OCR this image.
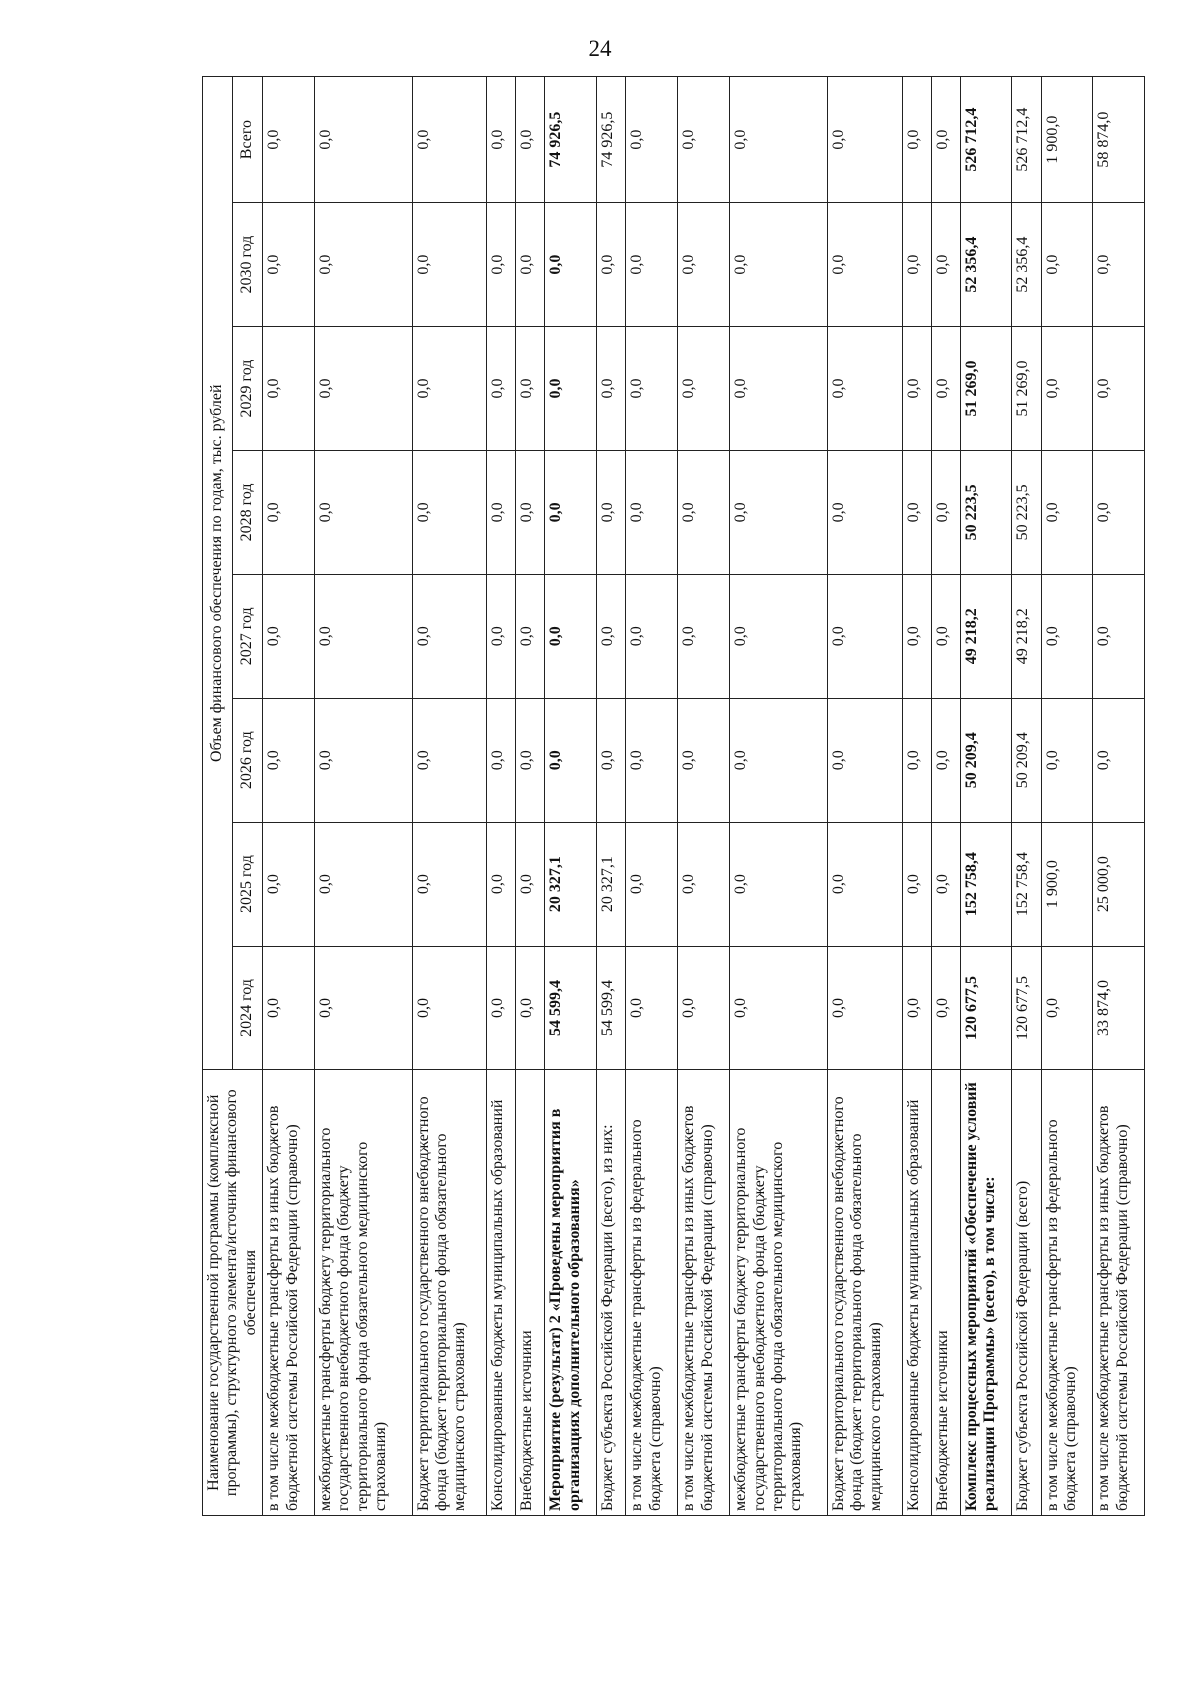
24
Наименование государственной программы (комплексной программы), структурного элемента/источник финансового обеспечения	Объем финансового обеспечения по годам, тыс. рублей							
	2024 год	2025 год	2026 год	2027 год	2028 год	2029 год	2030 год	Всего
в том числе межбюджетные трансферты из иных бюджетов бюджетной системы Российской Федерации (справочно)	0,0	0,0	0,0	0,0	0,0	0,0	0,0	0,0
межбюджетные трансферты бюджету территориального государственного внебюджетного фонда (бюджету территориального фонда обязательного медицинского страхования)	0,0	0,0	0,0	0,0	0,0	0,0	0,0	0,0
Бюджет территориального государственного внебюджетного фонда (бюджет территориального фонда обязательного медицинского страхования)	0,0	0,0	0,0	0,0	0,0	0,0	0,0	0,0
Консолидированные бюджеты муниципальных образований	0,0	0,0	0,0	0,0	0,0	0,0	0,0	0,0
Внебюджетные источники	0,0	0,0	0,0	0,0	0,0	0,0	0,0	0,0
Мероприятие (результат) 2 «Проведены мероприятия в организациях дополнительного образования»	54 599,4	20 327,1	0,0	0,0	0,0	0,0	0,0	74 926,5
Бюджет субъекта Российской Федерации (всего), из них:	54 599,4	20 327,1	0,0	0,0	0,0	0,0	0,0	74 926,5
в том числе межбюджетные трансферты из федерального бюджета (справочно)	0,0	0,0	0,0	0,0	0,0	0,0	0,0	0,0
в том числе межбюджетные трансферты из иных бюджетов бюджетной системы Российской Федерации (справочно)	0,0	0,0	0,0	0,0	0,0	0,0	0,0	0,0
межбюджетные трансферты бюджету территориального государственного внебюджетного фонда (бюджету территориального фонда обязательного медицинского страхования)	0,0	0,0	0,0	0,0	0,0	0,0	0,0	0,0
Бюджет территориального государственного внебюджетного фонда (бюджет территориального фонда обязательного медицинского страхования)	0,0	0,0	0,0	0,0	0,0	0,0	0,0	0,0
Консолидированные бюджеты муниципальных образований	0,0	0,0	0,0	0,0	0,0	0,0	0,0	0,0
Внебюджетные источники	0,0	0,0	0,0	0,0	0,0	0,0	0,0	0,0
Комплекс процессных мероприятий «Обеспечение условий реализации Программы» (всего), в том числе:	120 677,5	152 758,4	50 209,4	49 218,2	50 223,5	51 269,0	52 356,4	526 712,4
Бюджет субъекта Российской Федерации (всего)	120 677,5	152 758,4	50 209,4	49 218,2	50 223,5	51 269,0	52 356,4	526 712,4
в том числе межбюджетные трансферты из федерального бюджета (справочно)	0,0	1 900,0	0,0	0,0	0,0	0,0	0,0	1 900,0
в том числе межбюджетные трансферты из иных бюджетов бюджетной системы Российской Федерации (справочно)	33 874,0	25 000,0	0,0	0,0	0,0	0,0	0,0	58 874,0
